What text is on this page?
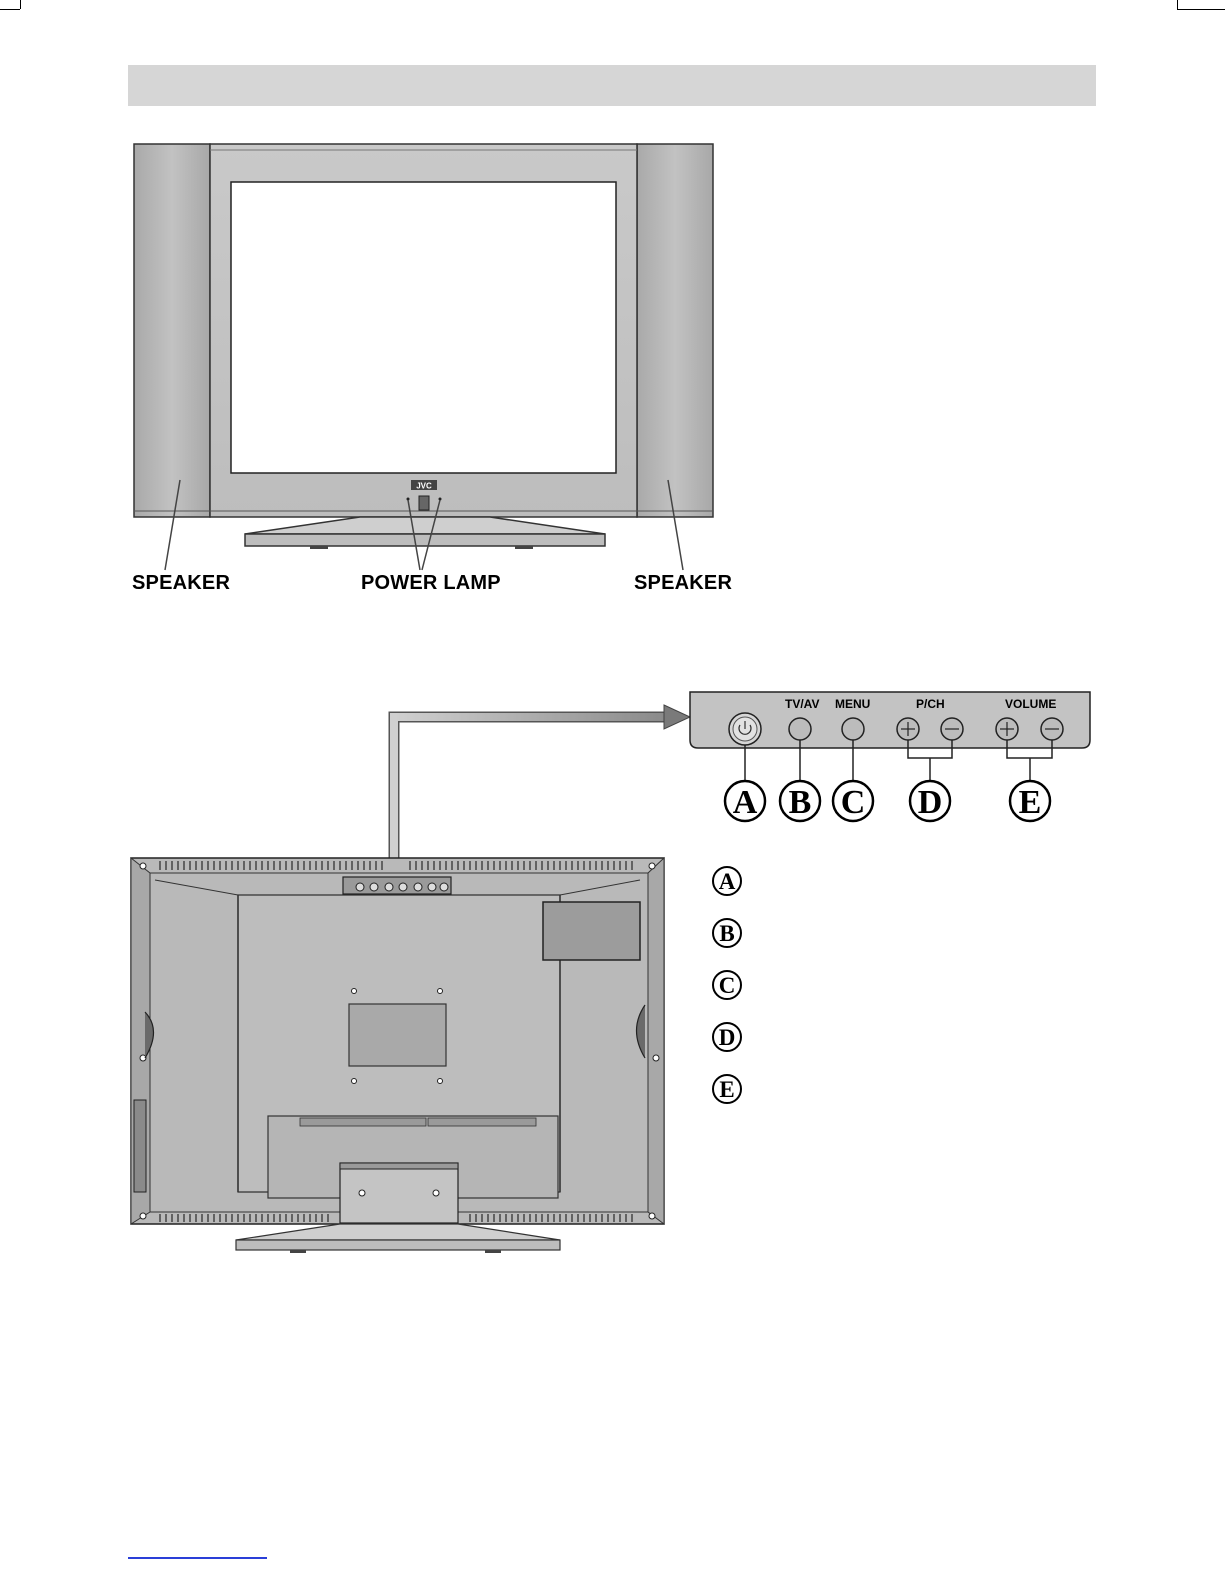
JVC
A B C D E
A
B
C
D
E
SPEAKER	POWER LAMP	SPEAKER
TV/AV MENU	P/CH	VOLUME
